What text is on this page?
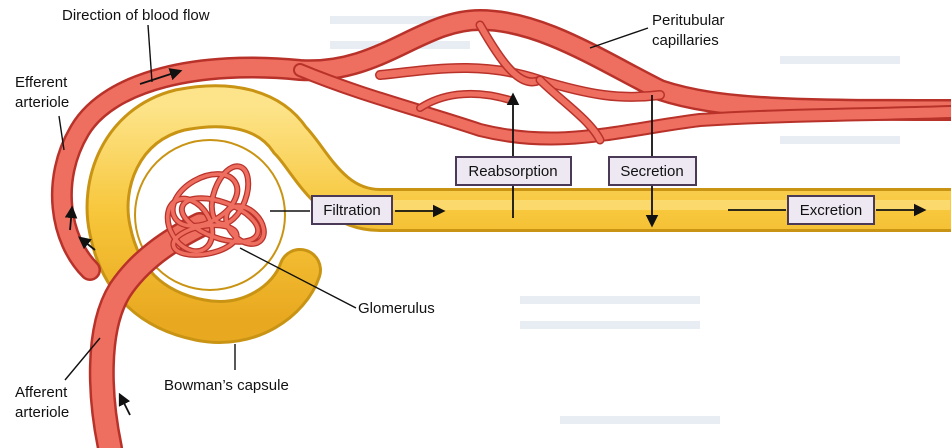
Filtration
Reabsorption	Secretion
Excretion
Direction of blood flow
Efferent
arteriole
Peritubular
capillaries
Glomerulus
Bowman’s capsule
Afferent
arteriole
